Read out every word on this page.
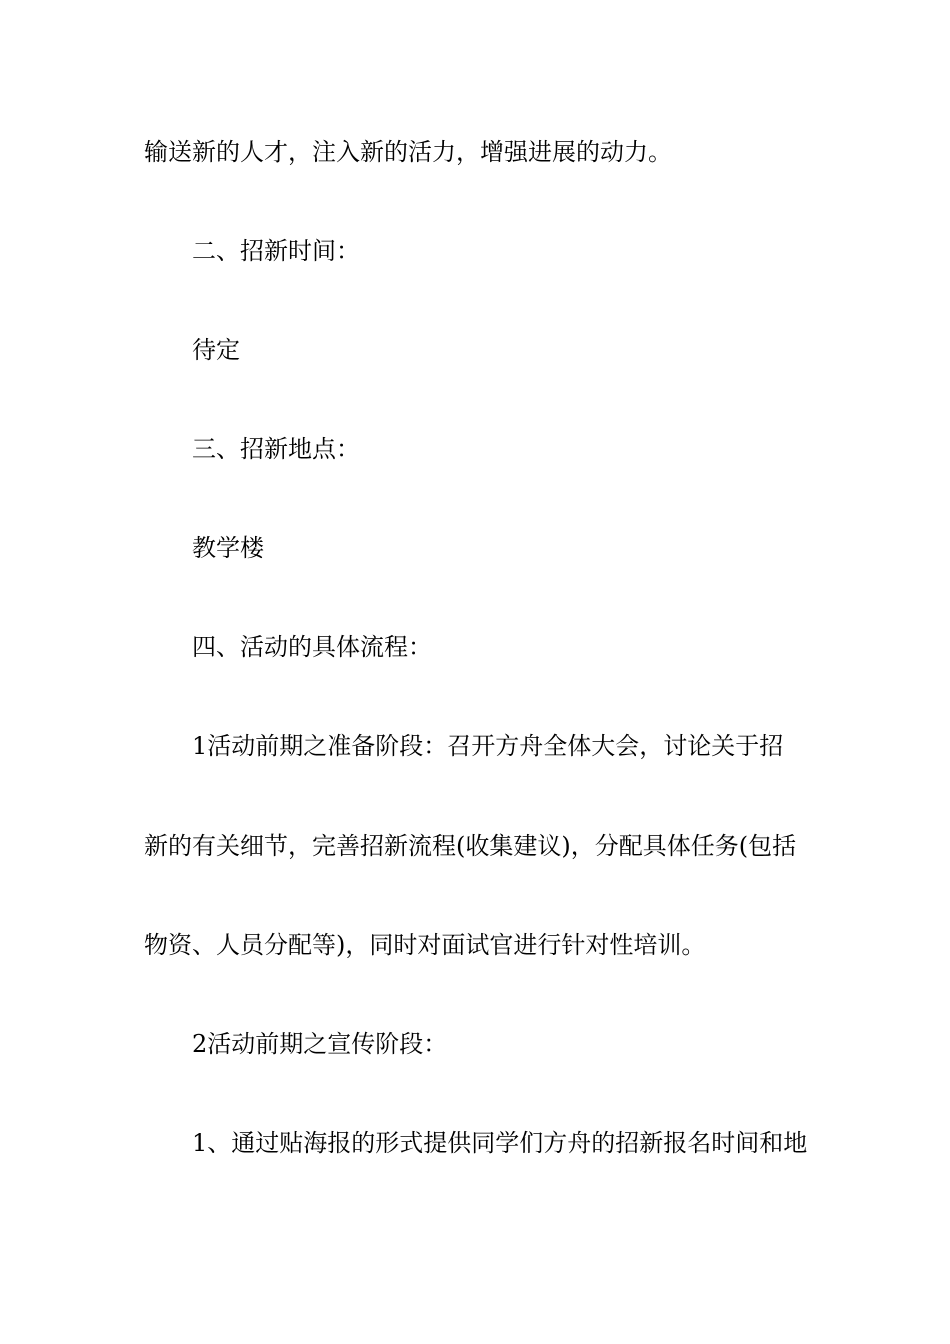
输送新的人才，注入新的活力，增强进展的动力。
二、招新时间：
待定
三、招新地点：
教学楼
四、活动的具体流程：
1活动前期之准备阶段：召开方舟全体大会，讨论关于招
新的有关细节，完善招新流程(收集建议)，分配具体任务(包括
物资、人员分配等)，同时对面试官进行针对性培训。
2活动前期之宣传阶段：
1、通过贴海报的形式提供同学们方舟的招新报名时间和地
